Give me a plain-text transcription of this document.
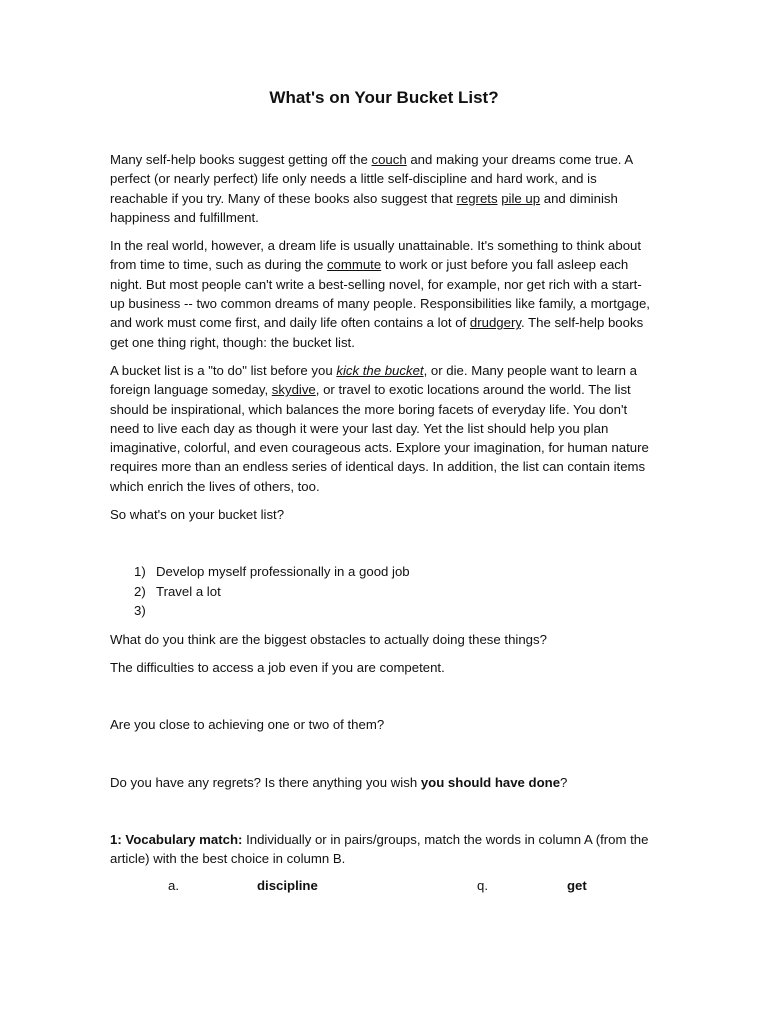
What's on Your Bucket List?

Many self-help books suggest getting off the couch and making your dreams come true. A perfect (or nearly perfect) life only needs a little self-discipline and hard work, and is reachable if you try. Many of these books also suggest that regrets pile up and diminish happiness and fulfillment.

In the real world, however, a dream life is usually unattainable. It's something to think about from time to time, such as during the commute to work or just before you fall asleep each night. But most people can't write a best-selling novel, for example, nor get rich with a start-up business -- two common dreams of many people. Responsibilities like family, a mortgage, and work must come first, and daily life often contains a lot of drudgery. The self-help books get one thing right, though: the bucket list.

A bucket list is a "to do" list before you kick the bucket, or die. Many people want to learn a foreign language someday, skydive, or travel to exotic locations around the world. The list should be inspirational, which balances the more boring facets of everyday life. You don't need to live each day as though it were your last day. Yet the list should help you plan imaginative, colorful, and even courageous acts. Explore your imagination, for human nature requires more than an endless series of identical days. In addition, the list can contain items which enrich the lives of others, too.

So what's on your bucket list?

1) Develop myself professionally in a good job
2) Travel a lot
3)

What do you think are the biggest obstacles to actually doing these things?

The difficulties to access a job even if you are competent.

Are you close to achieving one or two of them?

Do you have any regrets? Is there anything you wish you should have done?

1: Vocabulary match: Individually or in pairs/groups, match the words in column A (from the article) with the best choice in column B.

a.	discipline	q.	get
